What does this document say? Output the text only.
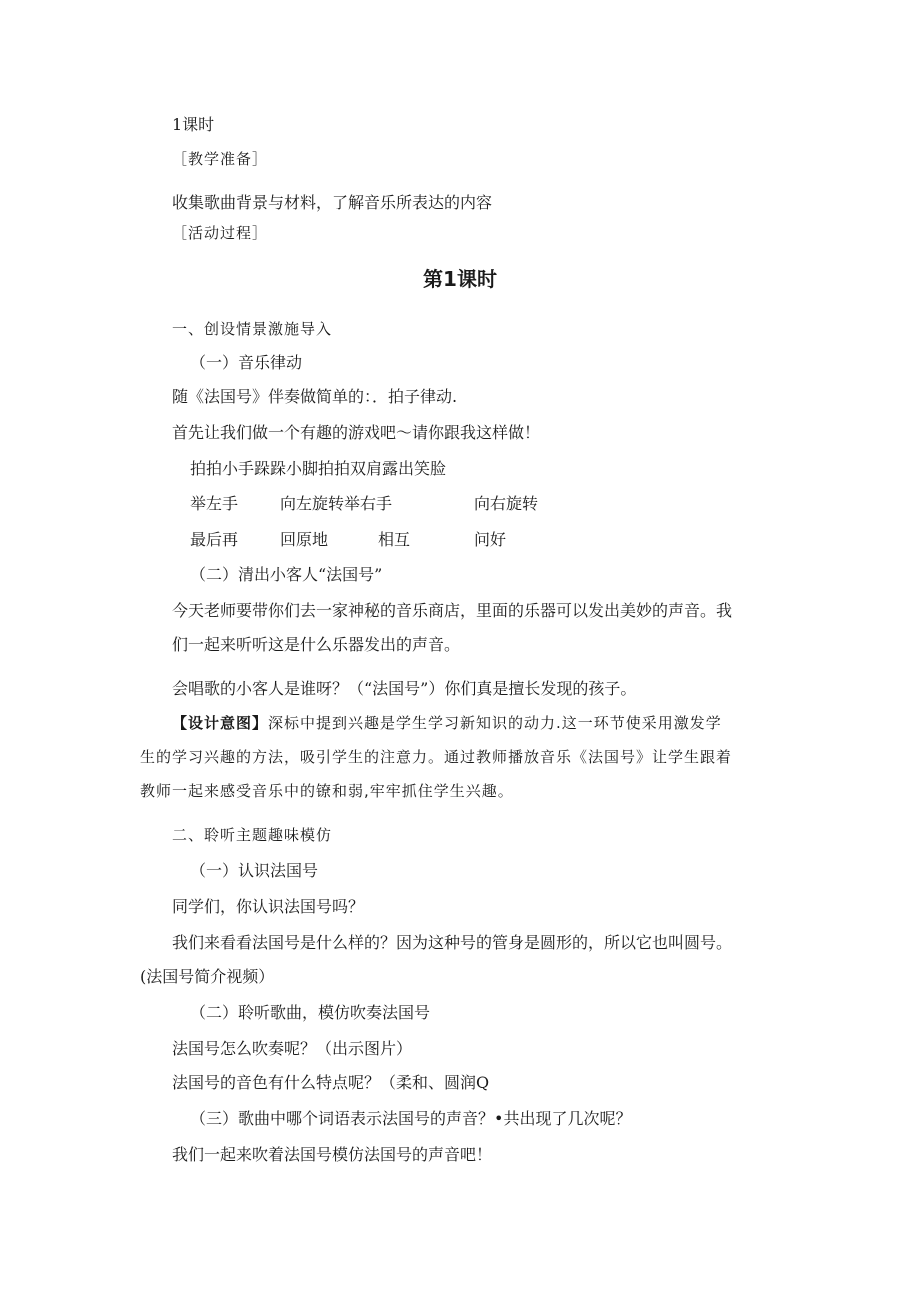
1课时
［教学准备］
收集歌曲背景与材料，了解音乐所表达的内容
［活动过程］
第1课时
一、创设情景激施导入
（一）音乐律动
随《法国号》伴奏做简单的：．拍子律动.
首先让我们做一个有趣的游戏吧～请你跟我这样做！
拍拍小手跺跺小脚拍拍双肩露出笑脸
举左手	向左旋转举右手	向右旋转
最后再	回原地	相互	问好
（二）清出小客人“法国号”
今天老师要带你们去一家神秘的音乐商店，里面的乐器可以发出美妙的声音。我
们一起来听听这是什么乐器发出的声音。
会唱歌的小客人是谁呀？（“法国号”）你们真是擅长发现的孩子。
【设计意图】深标中提到兴趣是学生学习新知识的动力.这一环节使采用激发学
生的学习兴趣的方法，吸引学生的注意力。通过教师播放音乐《法国号》让学生跟着
教师一起来感受音乐中的镣和弱,牢牢抓住学生兴趣。
二、聆听主题趣味模仿
（一）认识法国号
同学们，你认识法国号吗？
我们来看看法国号是什么样的？因为这种号的管身是圆形的，所以它也叫圆号。
(法国号简介视频）
（二）聆听歌曲，模仿吹奏法国号
法国号怎么吹奏呢？（出示图片）
法国号的音色有什么特点呢？（柔和、圆润Q
（三）歌曲中哪个词语表示法国号的声音？•共出现了几次呢？
我们一起来吹着法国号模仿法国号的声音吧！
